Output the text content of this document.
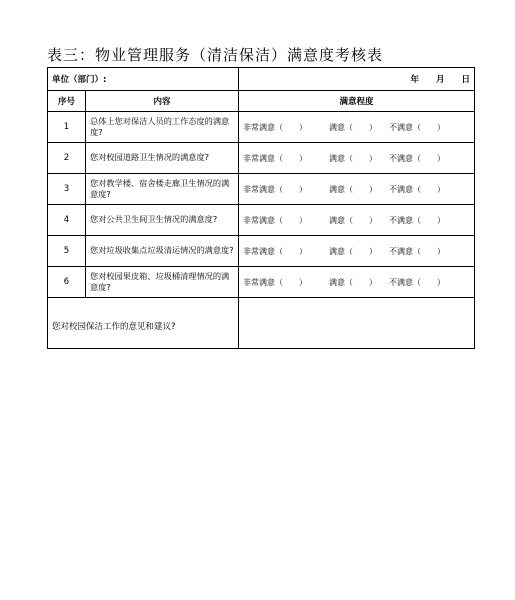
表三：物业管理服务（清洁保洁）满意度考核表
单位（部门）:		年 月 日
序号	内容	满意程度
1	总体上您对保洁人员的工作态度的满意度?	非常满意（　　） 满意（　　） 不满意（　　）
2	您对校园道路卫生情况的满意度?	非常满意（　　） 满意（　　） 不满意（　　）
3	您对教学楼、宿舍楼走廊卫生情况的满意度?	非常满意（　　） 满意（　　） 不满意（　　）
4	您对公共卫生间卫生情况的满意度?	非常满意（　　） 满意（　　） 不满意（　　）
5	您对垃圾收集点垃圾清运情况的满意度?	非常满意（　　） 满意（　　） 不满意（　　）
6	您对校园果皮箱、垃圾桶清理情况的满意度?	非常满意（　　） 满意（　　） 不满意（　　）
您对校园保洁工作的意见和建议?		
